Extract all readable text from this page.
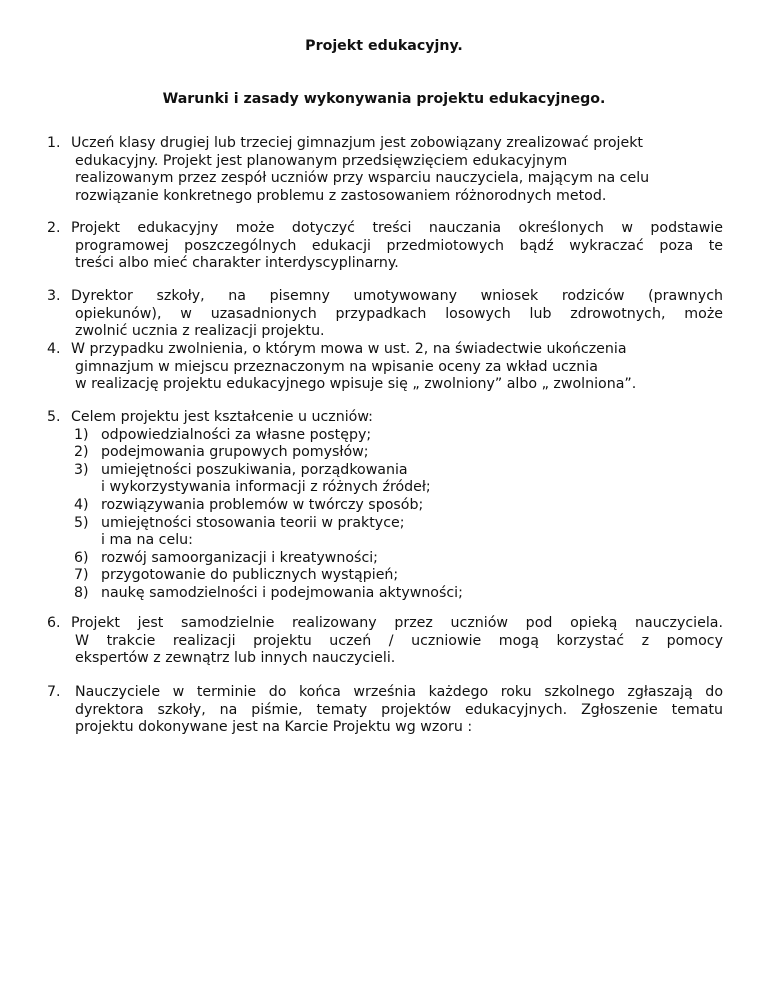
Projekt edukacyjny.

Warunki i zasady wykonywania projektu edukacyjnego.

1. Uczeń klasy drugiej lub trzeciej gimnazjum jest zobowiązany zrealizować projekt
edukacyjny. Projekt jest planowanym przedsięwzięciem edukacyjnym
realizowanym przez zespół uczniów przy wsparciu nauczyciela, mającym na celu
rozwiązanie konkretnego problemu z zastosowaniem różnorodnych metod.
2. Projekt edukacyjny może dotyczyć treści nauczania określonych w podstawie
programowej poszczególnych edukacji przedmiotowych bądź wykraczać poza te
treści albo mieć charakter interdyscyplinarny.
3. Dyrektor szkoły, na pisemny umotywowany wniosek rodziców (prawnych
opiekunów), w uzasadnionych przypadkach losowych lub zdrowotnych, może
zwolnić ucznia z realizacji projektu.
4. W przypadku zwolnienia, o którym mowa w ust. 2, na świadectwie ukończenia
gimnazjum w miejscu przeznaczonym na wpisanie oceny za wkład ucznia
w realizację projektu edukacyjnego wpisuje się „ zwolniony” albo „ zwolniona”.
5. Celem projektu jest kształcenie u uczniów:
1) odpowiedzialności za własne postępy;
2) podejmowania grupowych pomysłów;
3) umiejętności poszukiwania, porządkowania
i wykorzystywania informacji z różnych źródeł;
4) rozwiązywania problemów w twórczy sposób;
5) umiejętności stosowania teorii w praktyce;
i ma na celu:
6) rozwój samoorganizacji i kreatywności;
7) przygotowanie do publicznych wystąpień;
8) naukę samodzielności i podejmowania aktywności;
6. Projekt jest samodzielnie realizowany przez uczniów pod opieką nauczyciela.
W trakcie realizacji projektu uczeń / uczniowie mogą korzystać z pomocy
ekspertów z zewnątrz lub innych nauczycieli.
7. Nauczyciele w terminie do końca września każdego roku szkolnego zgłaszają do
dyrektora szkoły, na piśmie, tematy projektów edukacyjnych. Zgłoszenie tematu
projektu dokonywane jest na Karcie Projektu wg wzoru :
